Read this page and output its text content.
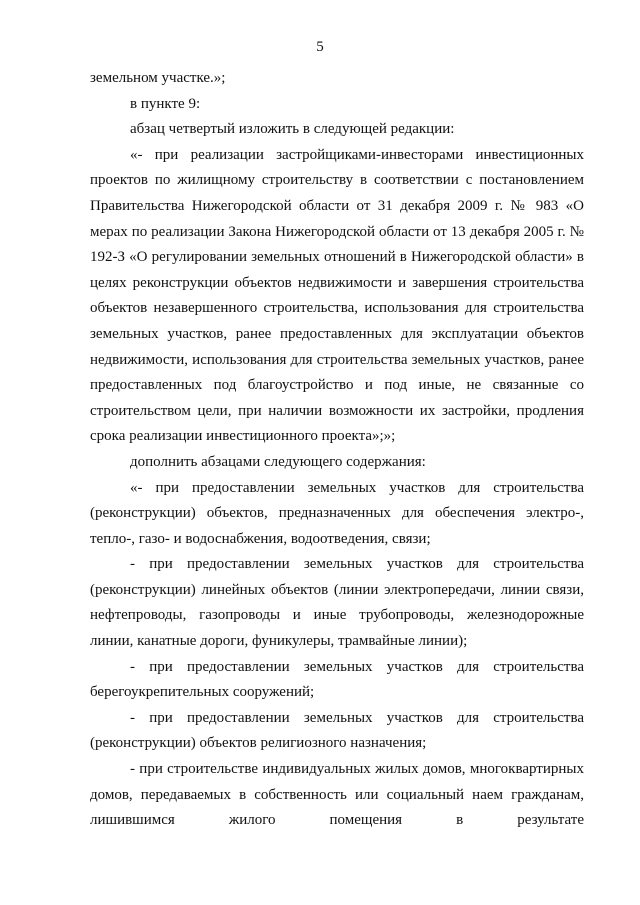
5

земельном участке.»;

в пункте 9:

абзац четвертый изложить в следующей редакции:

«- при реализации застройщиками-инвесторами инвестиционных проектов по жилищному строительству в соответствии с постановлением Правительства Нижегородской области от 31 декабря 2009 г. № 983 «О мерах по реализации Закона Нижегородской области от 13 декабря 2005 г. № 192-З «О регулировании земельных отношений в Нижегородской области» в целях реконструкции объектов недвижимости и завершения строительства объектов незавершенного строительства, использования для строительства земельных участков, ранее предоставленных для эксплуатации объектов недвижимости, использования для строительства земельных участков, ранее предоставленных под благоустройство и под иные, не связанные со строительством цели, при наличии возможности их застройки, продления срока реализации инвестиционного проекта»;»;

дополнить абзацами следующего содержания:

«- при предоставлении земельных участков для строительства (реконструкции) объектов, предназначенных для обеспечения электро-, тепло-, газо- и водоснабжения, водоотведения, связи;

- при предоставлении земельных участков для строительства (реконструкции) линейных объектов (линии электропередачи, линии связи, нефтепроводы, газопроводы и иные трубопроводы, железнодорожные линии, канатные дороги, фуникулеры, трамвайные линии);

- при предоставлении земельных участков для строительства берегоукрепительных сооружений;

- при предоставлении земельных участков для строительства (реконструкции) объектов религиозного назначения;

- при строительстве индивидуальных жилых домов, многоквартирных домов, передаваемых в собственность или социальный наем гражданам, лишившимся жилого помещения в результате
